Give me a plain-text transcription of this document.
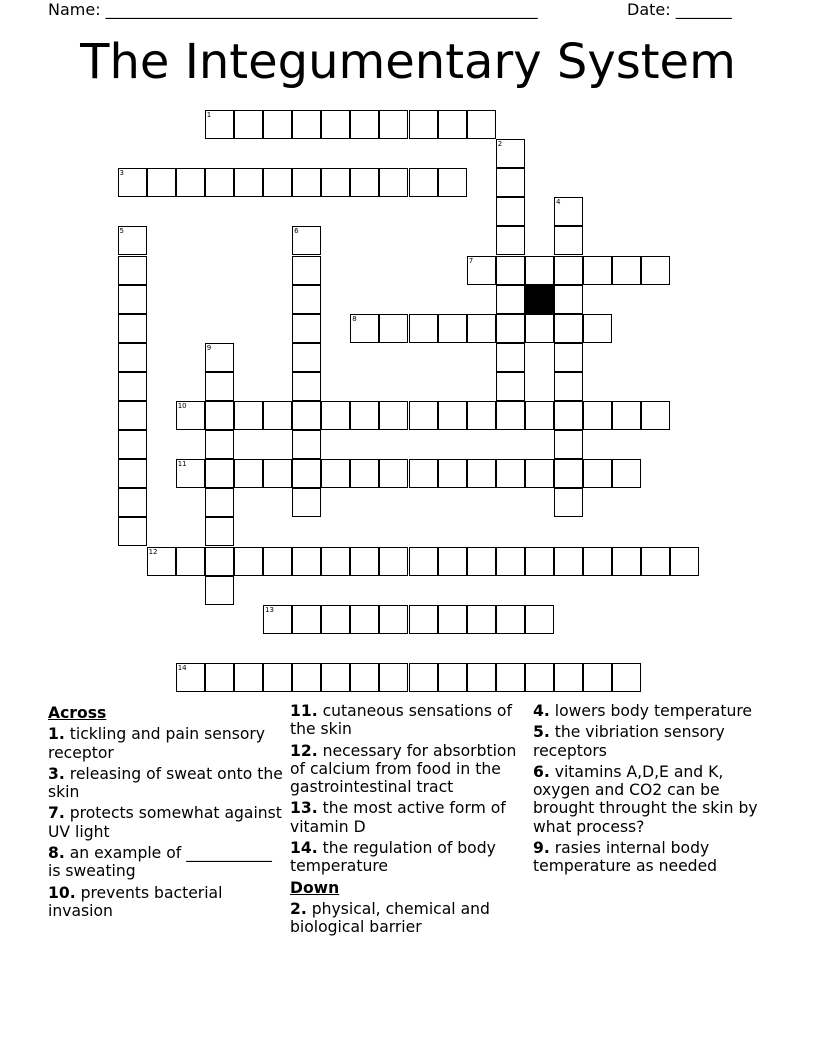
Name: ______________________________________________________	Date: _______
The Integumentary System
1
2
3
4
5	6
7
8
9
10
11
12
13
14
Across
1. tickling and pain sensory receptor
3. releasing of sweat onto the skin
7. protects somewhat against UV light
8. an example of ___________ is sweating
10. prevents bacterial invasion
11. cutaneous sensations of the skin
12. necessary for absorbtion of calcium from food in the gastrointestinal tract
13. the most active form of vitamin D
14. the regulation of body temperature
Down
2. physical, chemical and biological barrier
4. lowers body temperature
5. the vibriation sensory receptors
6. vitamins A,D,E and K, oxygen and CO2 can be brought throught the skin by what process?
9. rasies internal body temperature as needed
